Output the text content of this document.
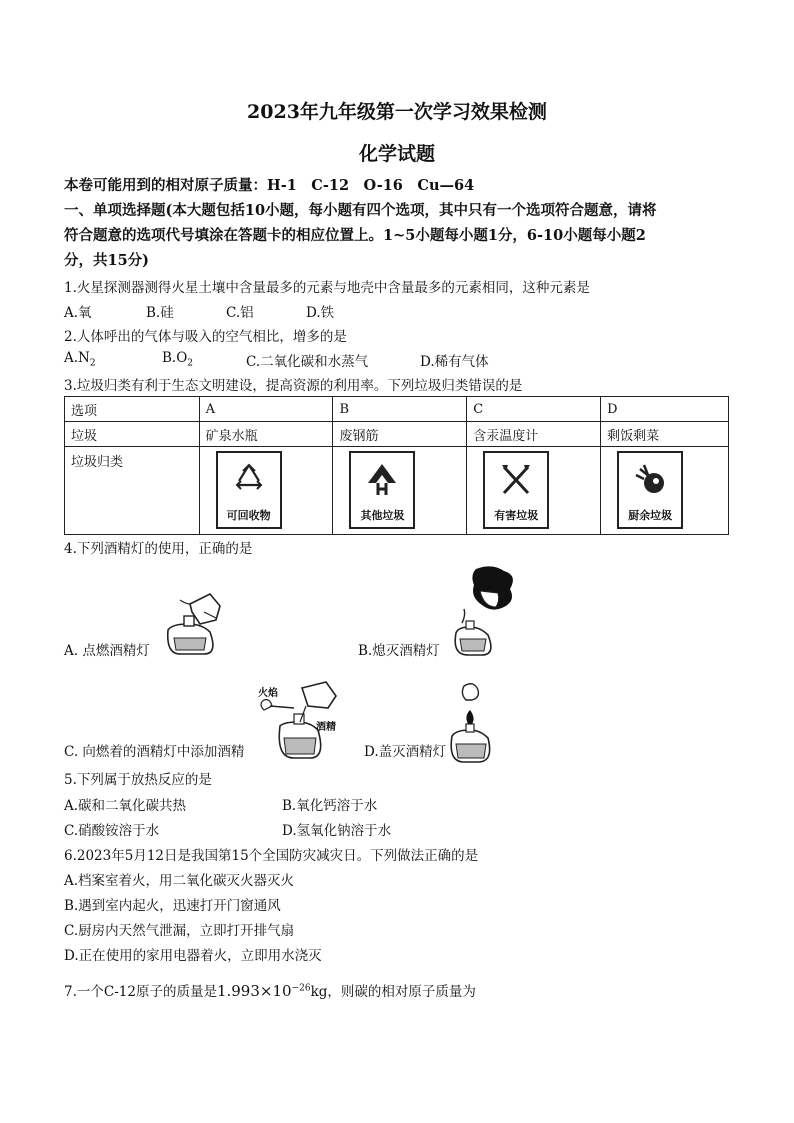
2023年九年级第一次学习效果检测
化学试题
本卷可能用到的相对原子质量：H-1　C-12　O-16　Cu—64
一、单项选择题(本大题包括10小题，每小题有四个选项，其中只有一个选项符合题意，请将
符合题意的选项代号填涂在答题卡的相应位置上。1~5小题每小题1分，6-10小题每小题2
分，共15分)
1.火星探测器测得火星土壤中含量最多的元素与地壳中含量最多的元素相同，这种元素是
A.氧	B.硅	C.铝	D.铁
2.人体呼出的气体与吸入的空气相比，增多的是
$A.N_2$	$B.O_2$	C.二氧化碳和水蒸气	D.稀有气体
3.垃圾归类有利于生态文明建设，提高资源的利用率。下列垃圾归类错误的是
选项	A	B	C	D
垃圾	矿泉水瓶	废钢筋	含汞温度计	剩饭剩菜
垃圾归类	可回收物	其他垃圾	有害垃圾	厨余垃圾
4.下列酒精灯的使用，正确的是
A. 点燃酒精灯	B.熄灭酒精灯
火焰
酒精
C. 向燃着的酒精灯中添加酒精	D.盖灭酒精灯
5.下列属于放热反应的是
A.碳和二氧化碳共热	B.氧化钙溶于水
C.硝酸铵溶于水	D.氢氧化钠溶于水
6.2023年5月12日是我国第15个全国防灾减灾日。下列做法正确的是
A.档案室着火，用二氧化碳灭火器灭火
B.遇到室内起火，迅速打开门窗通风
C.厨房内天然气泄漏，立即打开排气扇
D.正在使用的家用电器着火，立即用水浇灭
7.一个C-12原子的质量是$1.993\times 10^{-26}kg$，则碳的相对原子质量为
